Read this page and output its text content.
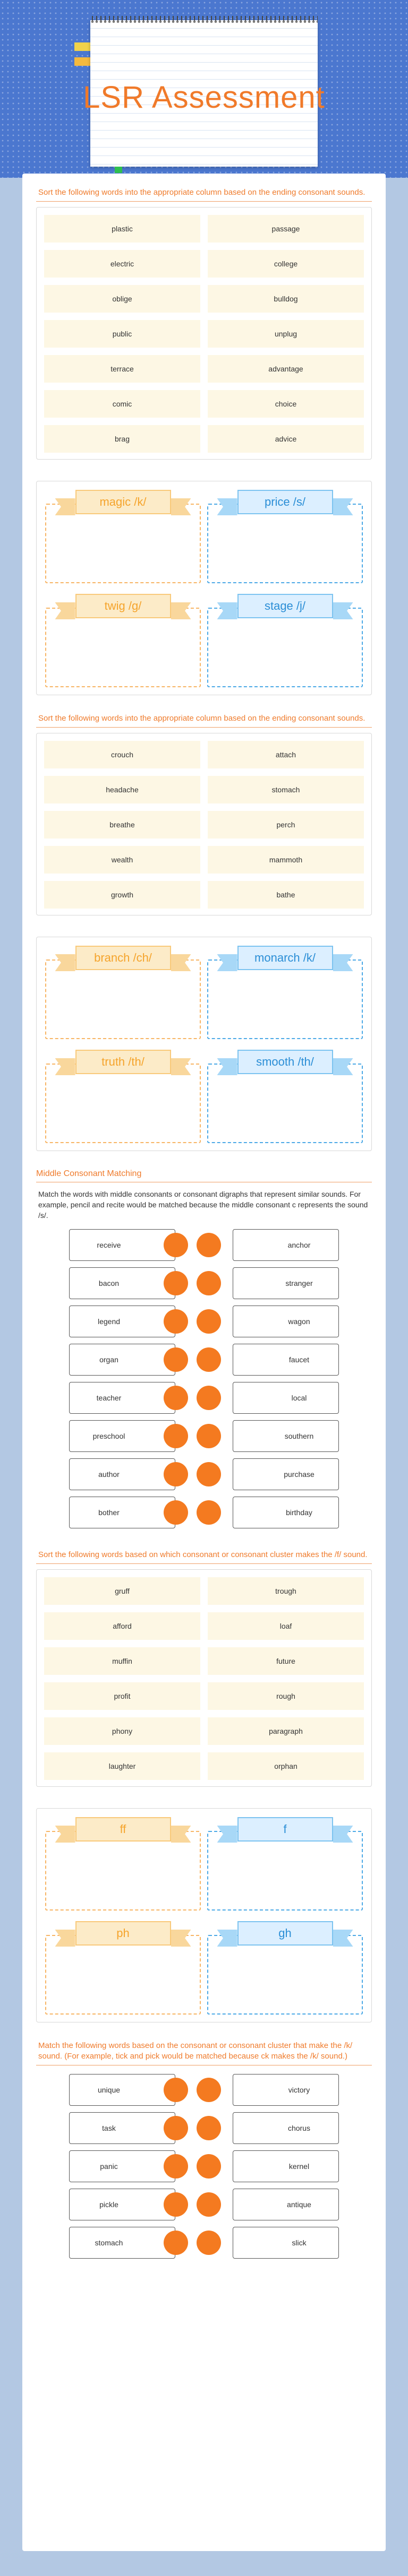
LSR Assessment
Sort the following words into the appropriate column based on the ending consonant sounds.
plastic	passage
electric	college
oblige	bulldog
public	unplug
terrace	advantage
comic	choice
brag	advice
magic /k/	price /s/
twig /g/	stage /j/
Sort the following words into the appropriate column based on the ending consonant sounds.
crouch	attach
headache	stomach
breathe	perch
wealth	mammoth
growth	bathe
branch /ch/	monarch /k/
truth /th/	smooth /th/
Middle Consonant Matching
Match the words with middle consonants or consonant digraphs that represent similar sounds. For example, pencil and recite would be matched because the middle consonant c represents the sound /s/.
receive	anchor
bacon	stranger
legend	wagon
organ	faucet
teacher	local
preschool	southern
author	purchase
bother	birthday
Sort the following words based on which consonant or consonant cluster makes the /f/ sound.
gruff	trough
afford	loaf
muffin	future
profit	rough
phony	paragraph
laughter	orphan
ff	f
ph	gh
Match the following words based on the consonant or consonant cluster that make the /k/ sound. (For example, tick and pick would be matched because ck makes the /k/ sound.)
unique	victory
task	chorus
panic	kernel
pickle	antique
stomach	slick
